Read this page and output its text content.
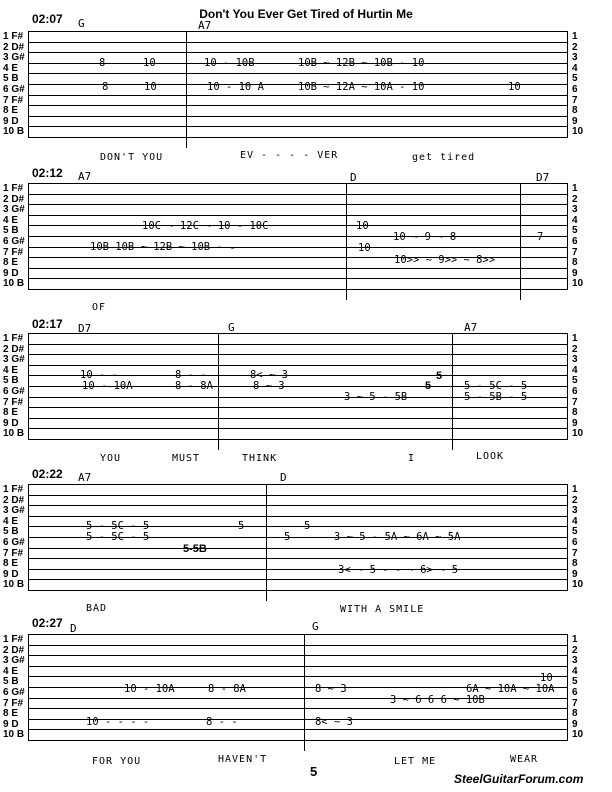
Don't You Ever Get Tired of Hurtin Me
02:07 G	A7
1 F#	1
2 D#	2
3 G#	3
4 E	4
5 B	5
6 G#	6
7 F#	7
8 E	8
9 D	9
10 B	10
8	10	10 - 10B	10B ~ 12B ~ 10B - 10
8	10	10 - 10 A	10B ~ 12A ~ 10A - 10	10
DON'T YOU	EV - - - - VER	get tired
02:12 A7	D	D7
1 F#	1
2 D#	2
3 G#	3
4 E	4
5 B	5
6 G#	6
7 F#	7
8 E	8
9 D	9
10 B	10
10C ~ 12C ~ 10 - 10C	10
10B 10B ~ 12B ~ 10B - ⌣
10 ~ 9 ~ 8	7
10
10>> ~ 9>> ~ 8>>
OF
02:17 D7	G	A7
1 F#	1
2 D#	2
3 G#	3
4 E	4
5 B	5
6 G#	6
7 F#	7
8 E	8
9 D	9
10 B	10
10 - -	8 - -	8< ~ 3
10 - 10A	8 - 8A	8 ~ 3
3 ~ 5 - 5B
5 - 5C - 5
5 - 5B - 5
5
5
YOU	MUST	THINK	I	LOOK
02:22 A7	D
1 F#	1
2 D#	2
3 G#	3
4 E	4
5 B	5
6 G#	6
7 F#	7
8 E	8
9 D	9
10 B	10
5 - 5C - 5	5	5
5 - 5C - 5	5	3 ~ 5 - 5A ~ 6A ~ 5A
3< ~ 5 - - ~ 6> ~ 5
5-5B
BAD	WITH A SMILE
02:27 D	G
1 F#	1
2 D#	2
3 G#	3
4 E	4
5 B	5
6 G#	6
7 F#	7
8 E	8
9 D	9
10 B	10
10
10 - 10A	8 - 8A	8 ~ 3	6A ~ 10A ~ 10A
3 ~ 6 6 6 ~ 10B
10 - - - -	8 - -	8< ~ 3
FOR YOU	HAVEN'T	LET ME	WEAR
5	SteelGuitarForum.com
